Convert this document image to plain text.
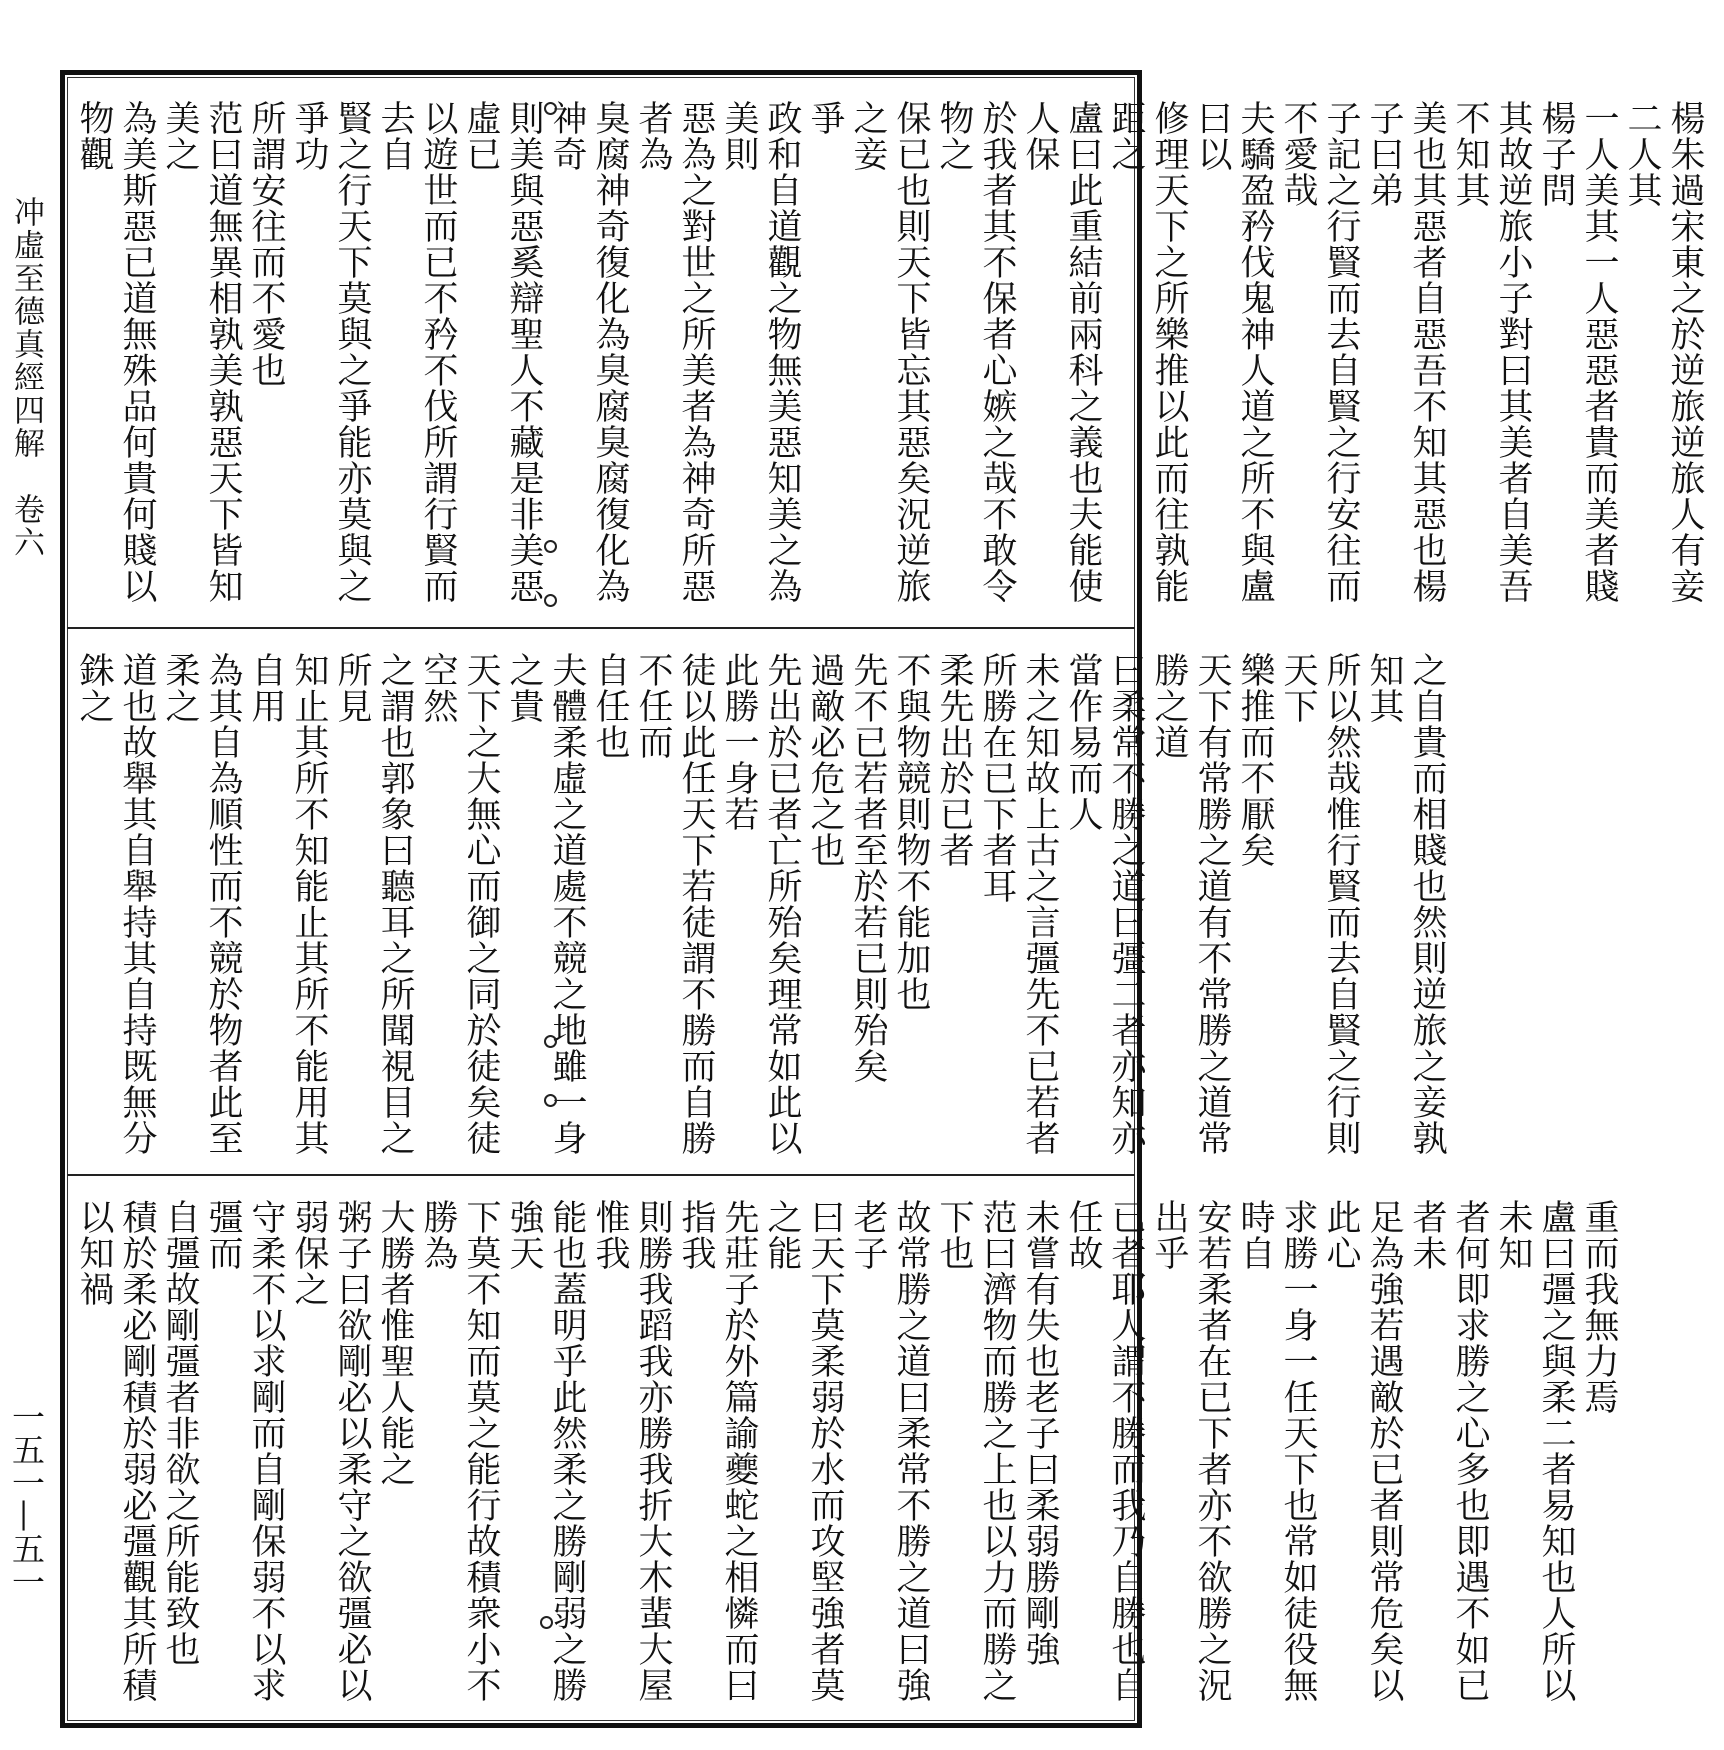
冲虛至德真經四解　卷六
一五一—五一
楊朱過宋東之於逆旅逆旅人有妾二人其
一人美其一人惡惡者貴而美者賤楊子問
其故逆旅小子對曰其美者自美吾不知其
美也其惡者自惡吾不知其惡也楊子曰弟
子記之行賢而去自賢之行安往而不愛哉
夫驕盈矜伐鬼神人道之所不與盧曰以
修理天下之所樂推以此而往孰能距之
盧曰此重結前兩科之義也夫能使人保
於我者其不保者心嫉之哉不敢令物之
保已也則天下皆忘其惡矣況逆旅之妾
爭
政和自道觀之物無美惡知美之為美則
惡為之對世之所美者為神奇所惡者為
臭腐神奇復化為臭腐臭腐復化為神奇
則美與惡奚辯聖人不藏是非美惡虛已
以遊世而已不矜不伐所謂行賢而去自
賢之行天下莫與之爭能亦莫與之爭功
所謂安往而不愛也
范曰道無異相孰美孰惡天下皆知美之
為美斯惡已道無殊品何貴何賤以物觀
之自貴而相賤也然則逆旅之妾孰知其
所以然哉惟行賢而去自賢之行則天下
樂推而不厭矣
天下有常勝之道有不常勝之道常勝之道
曰柔常不勝之道曰彊二者亦知亦當作易而人
未之知故上古之言彊先不已若者
所勝在已下者耳
柔先出於已者
不與物競則物不能加也
先不已若者至於若已則殆矣
過敵必危之也
先出於已者亡所殆矣理常如此以此勝一身若
徒以此任天下若徒謂不勝而自勝不任而
自任也
夫體柔虛之道處不競之地雖一身之貴
天下之大無心而御之同於徒矣徒空然
之謂也郭象曰聽耳之所聞視目之所見
知止其所不知能止其所不能用其自用
為其自為順性而不競於物者此至柔之
道也故舉其自舉持其自持既無分銖之
重而我無力焉
盧曰彊之與柔二者易知也人所以未知
者何即求勝之心多也即遇不如已者未
足為強若遇敵於已者則常危矣以此心
求勝一身一任天下也常如徒役無時自
安若柔者在已下者亦不欲勝之況出乎
已者耶人謂不勝而我乃自勝也自任故
未嘗有失也老子曰柔弱勝剛強
范曰濟物而勝之上也以力而勝之下也
故常勝之道曰柔常不勝之道曰強老子
曰天下莫柔弱於水而攻堅強者莫之能
先莊子於外篇諭夔蛇之相憐而曰指我
則勝我蹈我亦勝我折大木蜚大屋惟我
能也蓋明乎此然柔之勝剛弱之勝強天
下莫不知而莫之能行故積衆小不勝為
大勝者惟聖人能之
粥子曰欲剛必以柔守之欲彊必以弱保之
守柔不以求剛而自剛保弱不以求彊而
自彊故剛彊者非欲之所能致也
積於柔必剛積於弱必彊觀其所積以知禍
